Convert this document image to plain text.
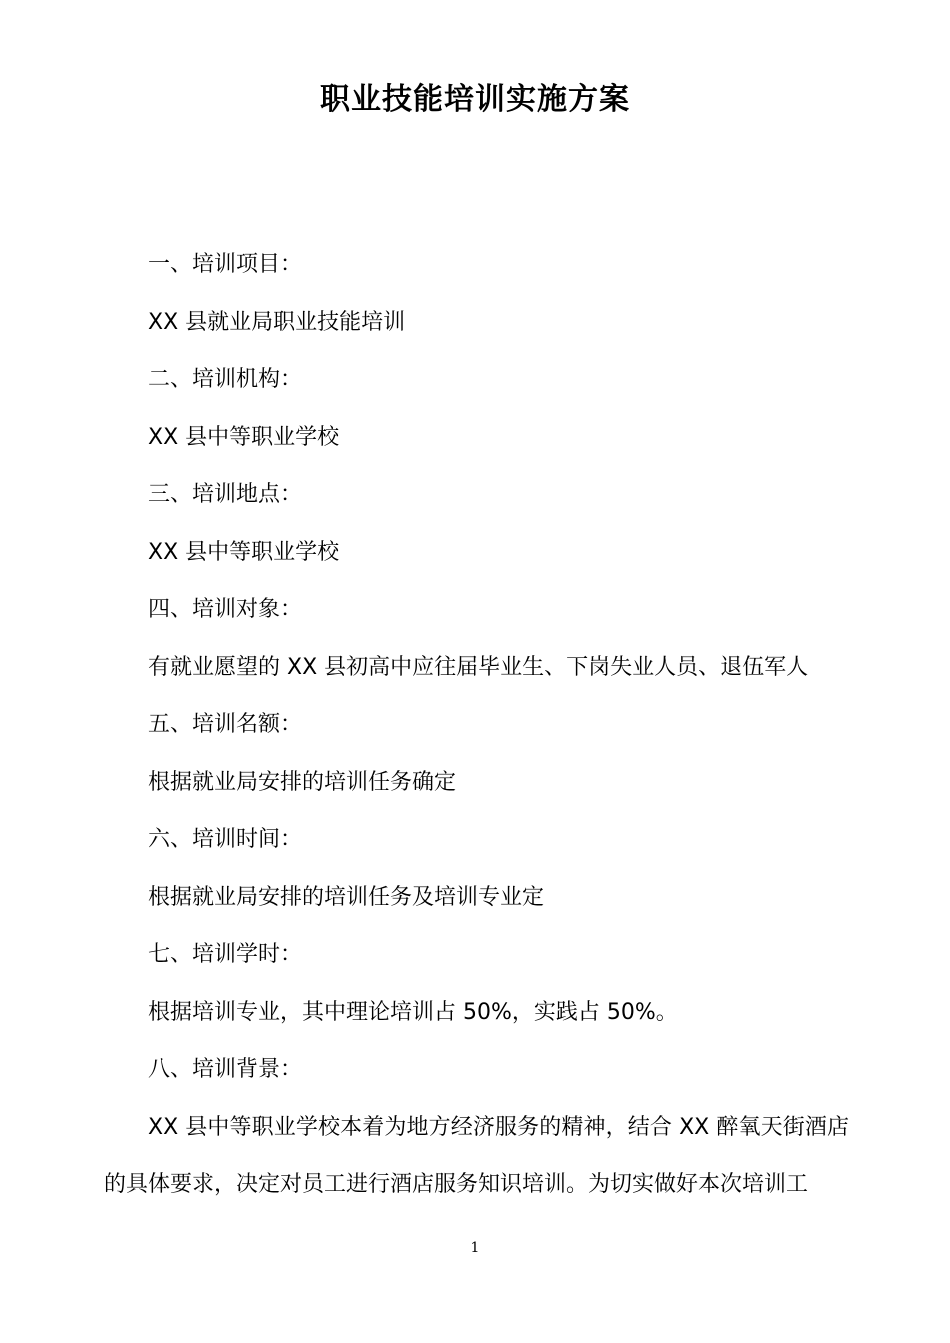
职业技能培训实施方案
一、培训项目：
XX 县就业局职业技能培训
二、培训机构：
XX 县中等职业学校
三、培训地点：
XX 县中等职业学校
四、培训对象：
有就业愿望的 XX 县初高中应往届毕业生、下岗失业人员、退伍军人
五、培训名额：
根据就业局安排的培训任务确定
六、培训时间：
根据就业局安排的培训任务及培训专业定
七、培训学时：
根据培训专业，其中理论培训占 50%，实践占 50%。
八、培训背景：
XX 县中等职业学校本着为地方经济服务的精神，结合 XX 醉氧天街酒店的具体要求，决定对员工进行酒店服务知识培训。为切实做好本次培训工
1
